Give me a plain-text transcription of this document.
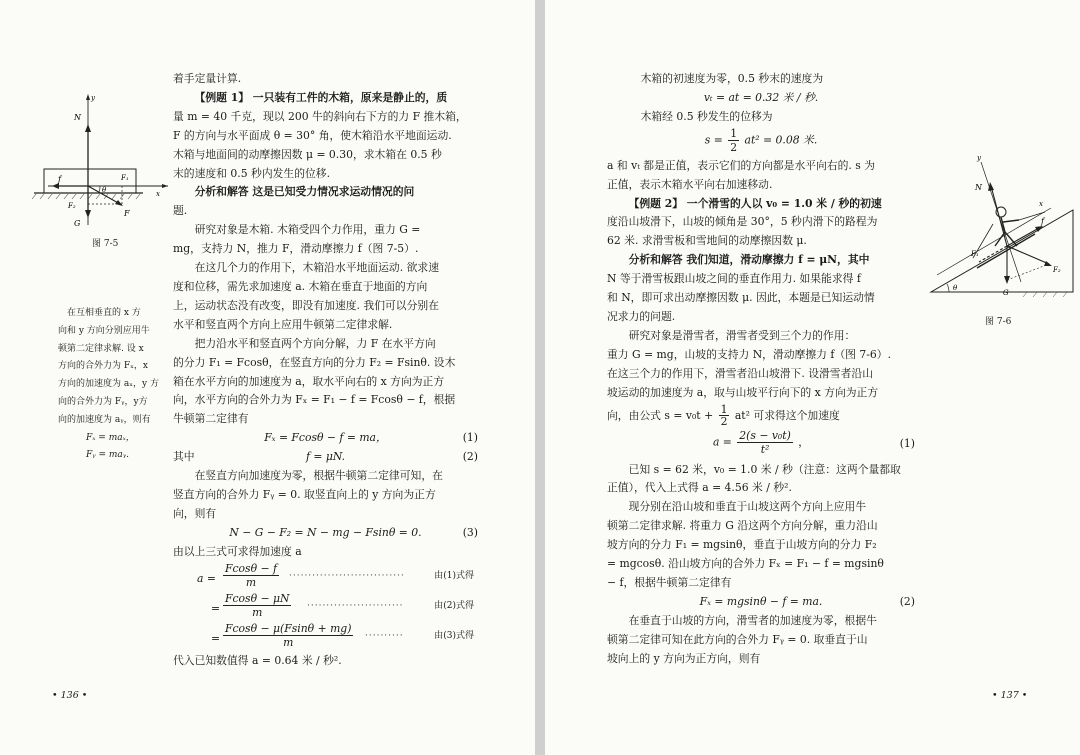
y
x
N
G
F
F₁
F₂
f
θ
图 7-5
在互相垂直的 x 方
向和 y 方向分别应用牛
顿第二定律求解. 设 x
方向的合外力为 Fₓ，x
方向的加速度为 aₓ，y 方
向的合外力为 Fᵧ，y方
向的加速度为 aᵧ，则有
Fₓ = maₓ，
Fᵧ = maᵧ.

着手定量计算.

【例题 1】 一只装有工件的木箱，原来是静止的，质

量 m = 40 千克，现以 200 牛的斜向右下方的力 F 推木箱，

F 的方向与水平面成 θ = 30° 角，使木箱沿水平地面运动.

木箱与地面间的动摩擦因数 μ = 0.30，求木箱在 0.5 秒

末的速度和 0.5 秒内发生的位移.

分析和解答 这是已知受力情况求运动情况的问

题.

研究对象是木箱. 木箱受四个力作用，重力 G =

mg，支持力 N，推力 F，滑动摩擦力 f（图 7-5）.

在这几个力的作用下，木箱沿水平地面运动. 欲求速

度和位移，需先求加速度 a. 木箱在垂直于地面的方向

上，运动状态没有改变，即没有加速度. 我们可以分别在

水平和竖直两个方向上应用牛顿第二定律求解.

把力沿水平和竖直两个方向分解，力 F 在水平方向

的分力 F₁ = Fcosθ，在竖直方向的分力 F₂ = Fsinθ. 设木

箱在水平方向的加速度为 a，取水平向右的 x 方向为正方

向，水平方向的合外力为 Fₓ = F₁ − f = Fcosθ − f，根据

牛顿第二定律有

Fₓ = Fcosθ − f = ma，	(1)

其中	f = μN.	(2)

在竖直方向加速度为零，根据牛顿第二定律可知，在

竖直方向的合外力 Fᵧ = 0. 取竖直向上的 y 方向为正方

向，则有

N − G − F₂ = N − mg − Fsinθ = 0.	(3)

由以上三式可求得加速度 a

$a = \frac{Fcos\theta - f}{m}$ ······························	由(1)式得
= $\frac{Fcos\theta - \mu N}{m}$ ·························	由(2)式得
= $\frac{Fcos\theta - \mu(Fsin\theta + mg)}{m}$ ··········	由(3)式得

代入已知数值得 a = 0.64 米 / 秒².

• 136 •
θ
x
y
N
G
F₁
F₂
f
图 7-6

木箱的初速度为零，0.5 秒末的速度为

vₜ = at = 0.32 米 / 秒.

木箱经 0.5 秒发生的位移为

$s = \frac{1}{2} at^2 = 0.08$ 米.

a 和 vₜ 都是正值，表示它们的方向都是水平向右的. s 为

正值，表示木箱水平向右加速移动.

【例题 2】 一个滑雪的人以 v₀ = 1.0 米 / 秒的初速

度沿山坡滑下，山坡的倾角是 30°，5 秒内滑下的路程为

62 米. 求滑雪板和雪地间的动摩擦因数 μ.

分析和解答 我们知道，滑动摩擦力 f = μN，其中

N 等于滑雪板跟山坡之间的垂直作用力. 如果能求得 f

和 N，即可求出动摩擦因数 μ. 因此，本题是已知运动情

况求力的问题.

研究对象是滑雪者，滑雪者受到三个力的作用：

重力 G = mg，山坡的支持力 N，滑动摩擦力 f（图 7-6）.

在这三个力的作用下，滑雪者沿山坡滑下. 设滑雪者沿山

坡运动的加速度为 a，取与山坡平行向下的 x 方向为正方

向，由公式 $s = v_0t + \frac{1}{2} at^2$ 可求得这个加速度
$a = \frac{\text{2(s − v₀t)}}{\text{t²}}$ ，	(1)

已知 s = 62 米，v₀ = 1.0 米 / 秒（注意：这两个量都取

正值），代入上式得 a = 4.56 米 / 秒².

现分别在沿山坡和垂直于山坡这两个方向上应用牛

顿第二定律求解. 将重力 G 沿这两个方向分解，重力沿山

坡方向的分力 F₁ = mgsinθ，垂直于山坡方向的分力 F₂

= mgcosθ. 沿山坡方向的合外力 Fₓ = F₁ − f = mgsinθ

− f，根据牛顿第二定律有

Fₓ = mgsinθ − f = ma.	(2)

在垂直于山坡的方向，滑雪者的加速度为零，根据牛

顿第二定律可知在此方向的合外力 Fᵧ = 0. 取垂直于山

坡向上的 y 方向为正方向，则有

• 137 •
